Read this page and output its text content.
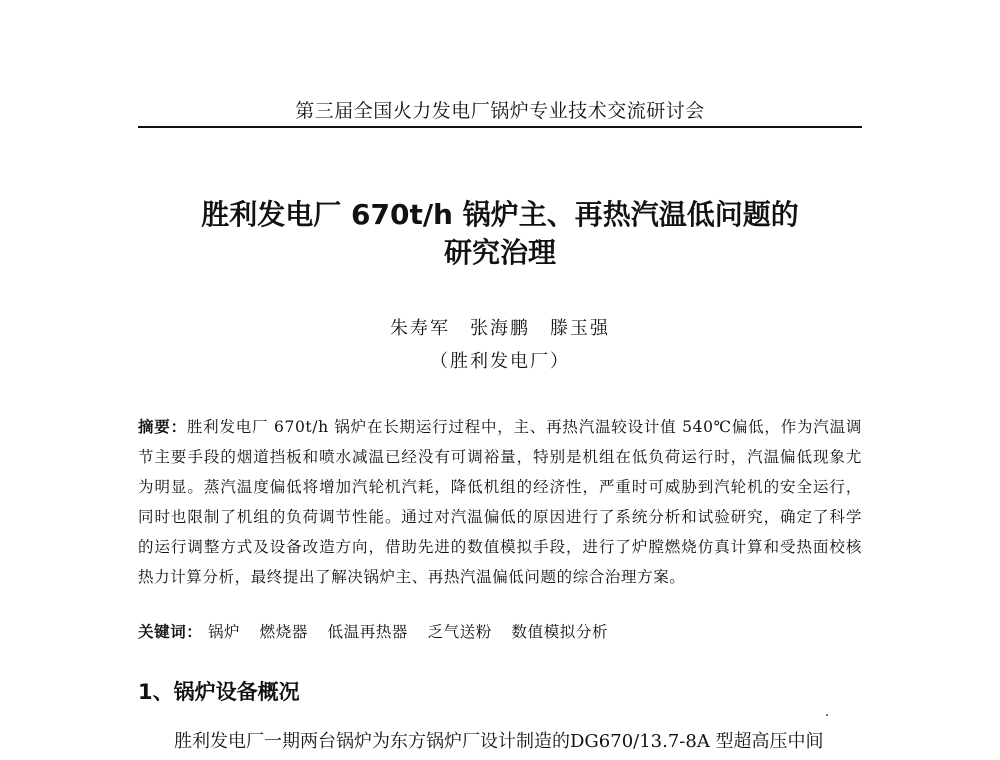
第三届全国火力发电厂锅炉专业技术交流研讨会
胜利发电厂 670t/h 锅炉主、再热汽温低问题的
研究治理
朱寿军 张海鹏 滕玉强
（胜利发电厂）
摘要：胜利发电厂 670t/h 锅炉在长期运行过程中，主、再热汽温较设计值 540℃偏低，作为汽温调节主要手段的烟道挡板和喷水减温已经没有可调裕量，特别是机组在低负荷运行时，汽温偏低现象尤为明显。蒸汽温度偏低将增加汽轮机汽耗，降低机组的经济性，严重时可威胁到汽轮机的安全运行，同时也限制了机组的负荷调节性能。通过对汽温偏低的原因进行了系统分析和试验研究，确定了科学的运行调整方式及设备改造方向，借助先进的数值模拟手段，进行了炉膛燃烧仿真计算和受热面校核热力计算分析，最终提出了解决锅炉主、再热汽温偏低问题的综合治理方案。
关键词： 锅炉 燃烧器 低温再热器 乏气送粉 数值模拟分析
1、锅炉设备概况
胜利发电厂一期两台锅炉为东方锅炉厂设计制造的DG670/13.7-8A 型超高压中间
